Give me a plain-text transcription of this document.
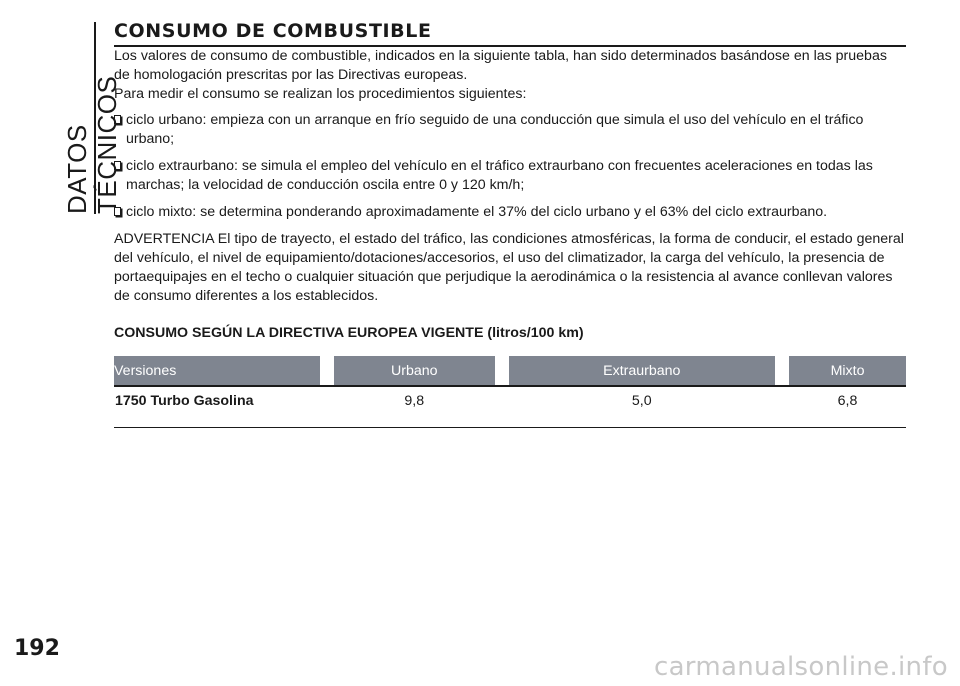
DATOS TÉCNICOS
CONSUMO DE COMBUSTIBLE

Los valores de consumo de combustible, indicados en la siguiente tabla, han sido determinados basándose en las pruebas de homologación prescritas por las Directivas europeas.

Para medir el consumo se realizan los procedimientos siguientes:

ciclo urbano: empieza con un arranque en frío seguido de una conducción que simula el uso del vehículo en el tráfico urbano;
ciclo extraurbano: se simula el empleo del vehículo en el tráfico extraurbano con frecuentes aceleraciones en todas las marchas; la velocidad de conducción oscila entre 0 y 120 km/h;
ciclo mixto: se determina ponderando aproximadamente el 37% del ciclo urbano y el 63% del ciclo extraurbano.

ADVERTENCIA El tipo de trayecto, el estado del tráfico, las condiciones atmosféricas, la forma de conducir, el estado general del vehículo, el nivel de equipamiento/dotaciones/accesorios, el uso del climatizador, la carga del vehículo, la presencia de portaequipajes en el techo o cualquier situación que perjudique la aerodinámica o la resistencia al avance conllevan valores de consumo diferentes a los establecidos.

CONSUMO SEGÚN LA DIRECTIVA EUROPEA VIGENTE (litros/100 km)
Versiones		Urbano		Extraurbano		Mixto
1750 Turbo Gasolina		9,8		5,0		6,8
192
carmanualsonline.info
